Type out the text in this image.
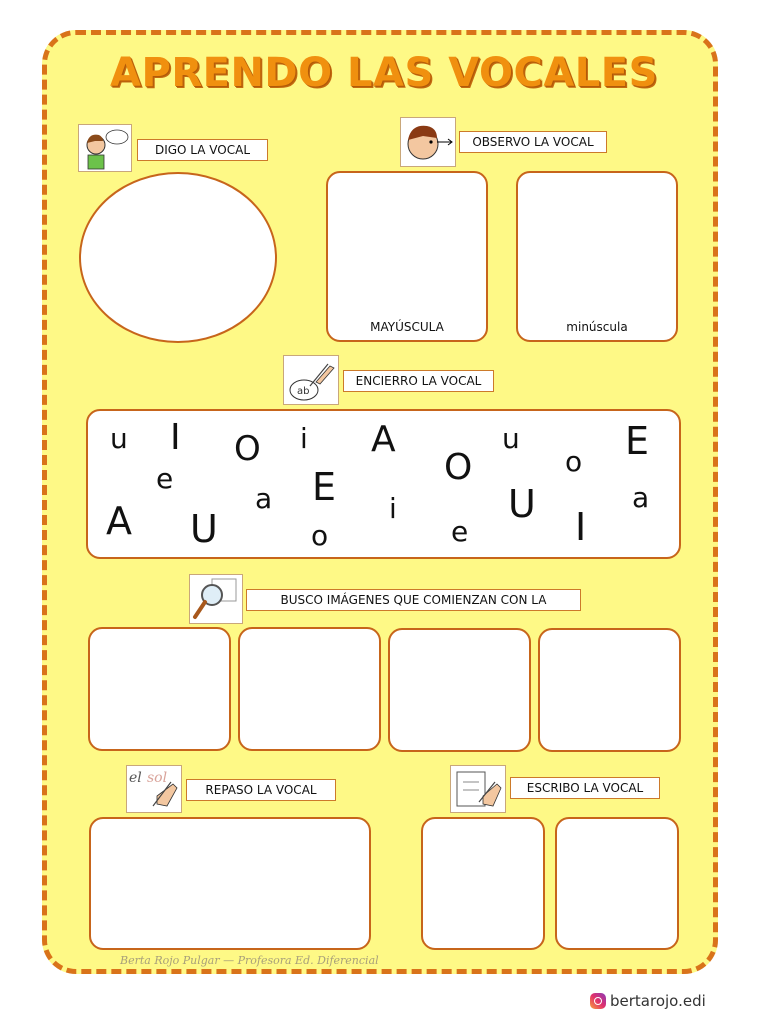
APRENDO LAS VOCALES
DIGO LA VOCAL
OBSERVO LA VOCAL
MAYÚSCULA	minúscula
ab
ENCIERRO LA VOCAL
u I O i A	u	E
e
a E	O	o
A U	o
i
e
U
I
a
BUSCO IMÁGENES QUE COMIENZAN CON LA
el sol
REPASO LA VOCAL	ESCRIBO LA VOCAL
Berta Rojo Pulgar — Profesora Ed. Diferencial
bertarojo.edi
